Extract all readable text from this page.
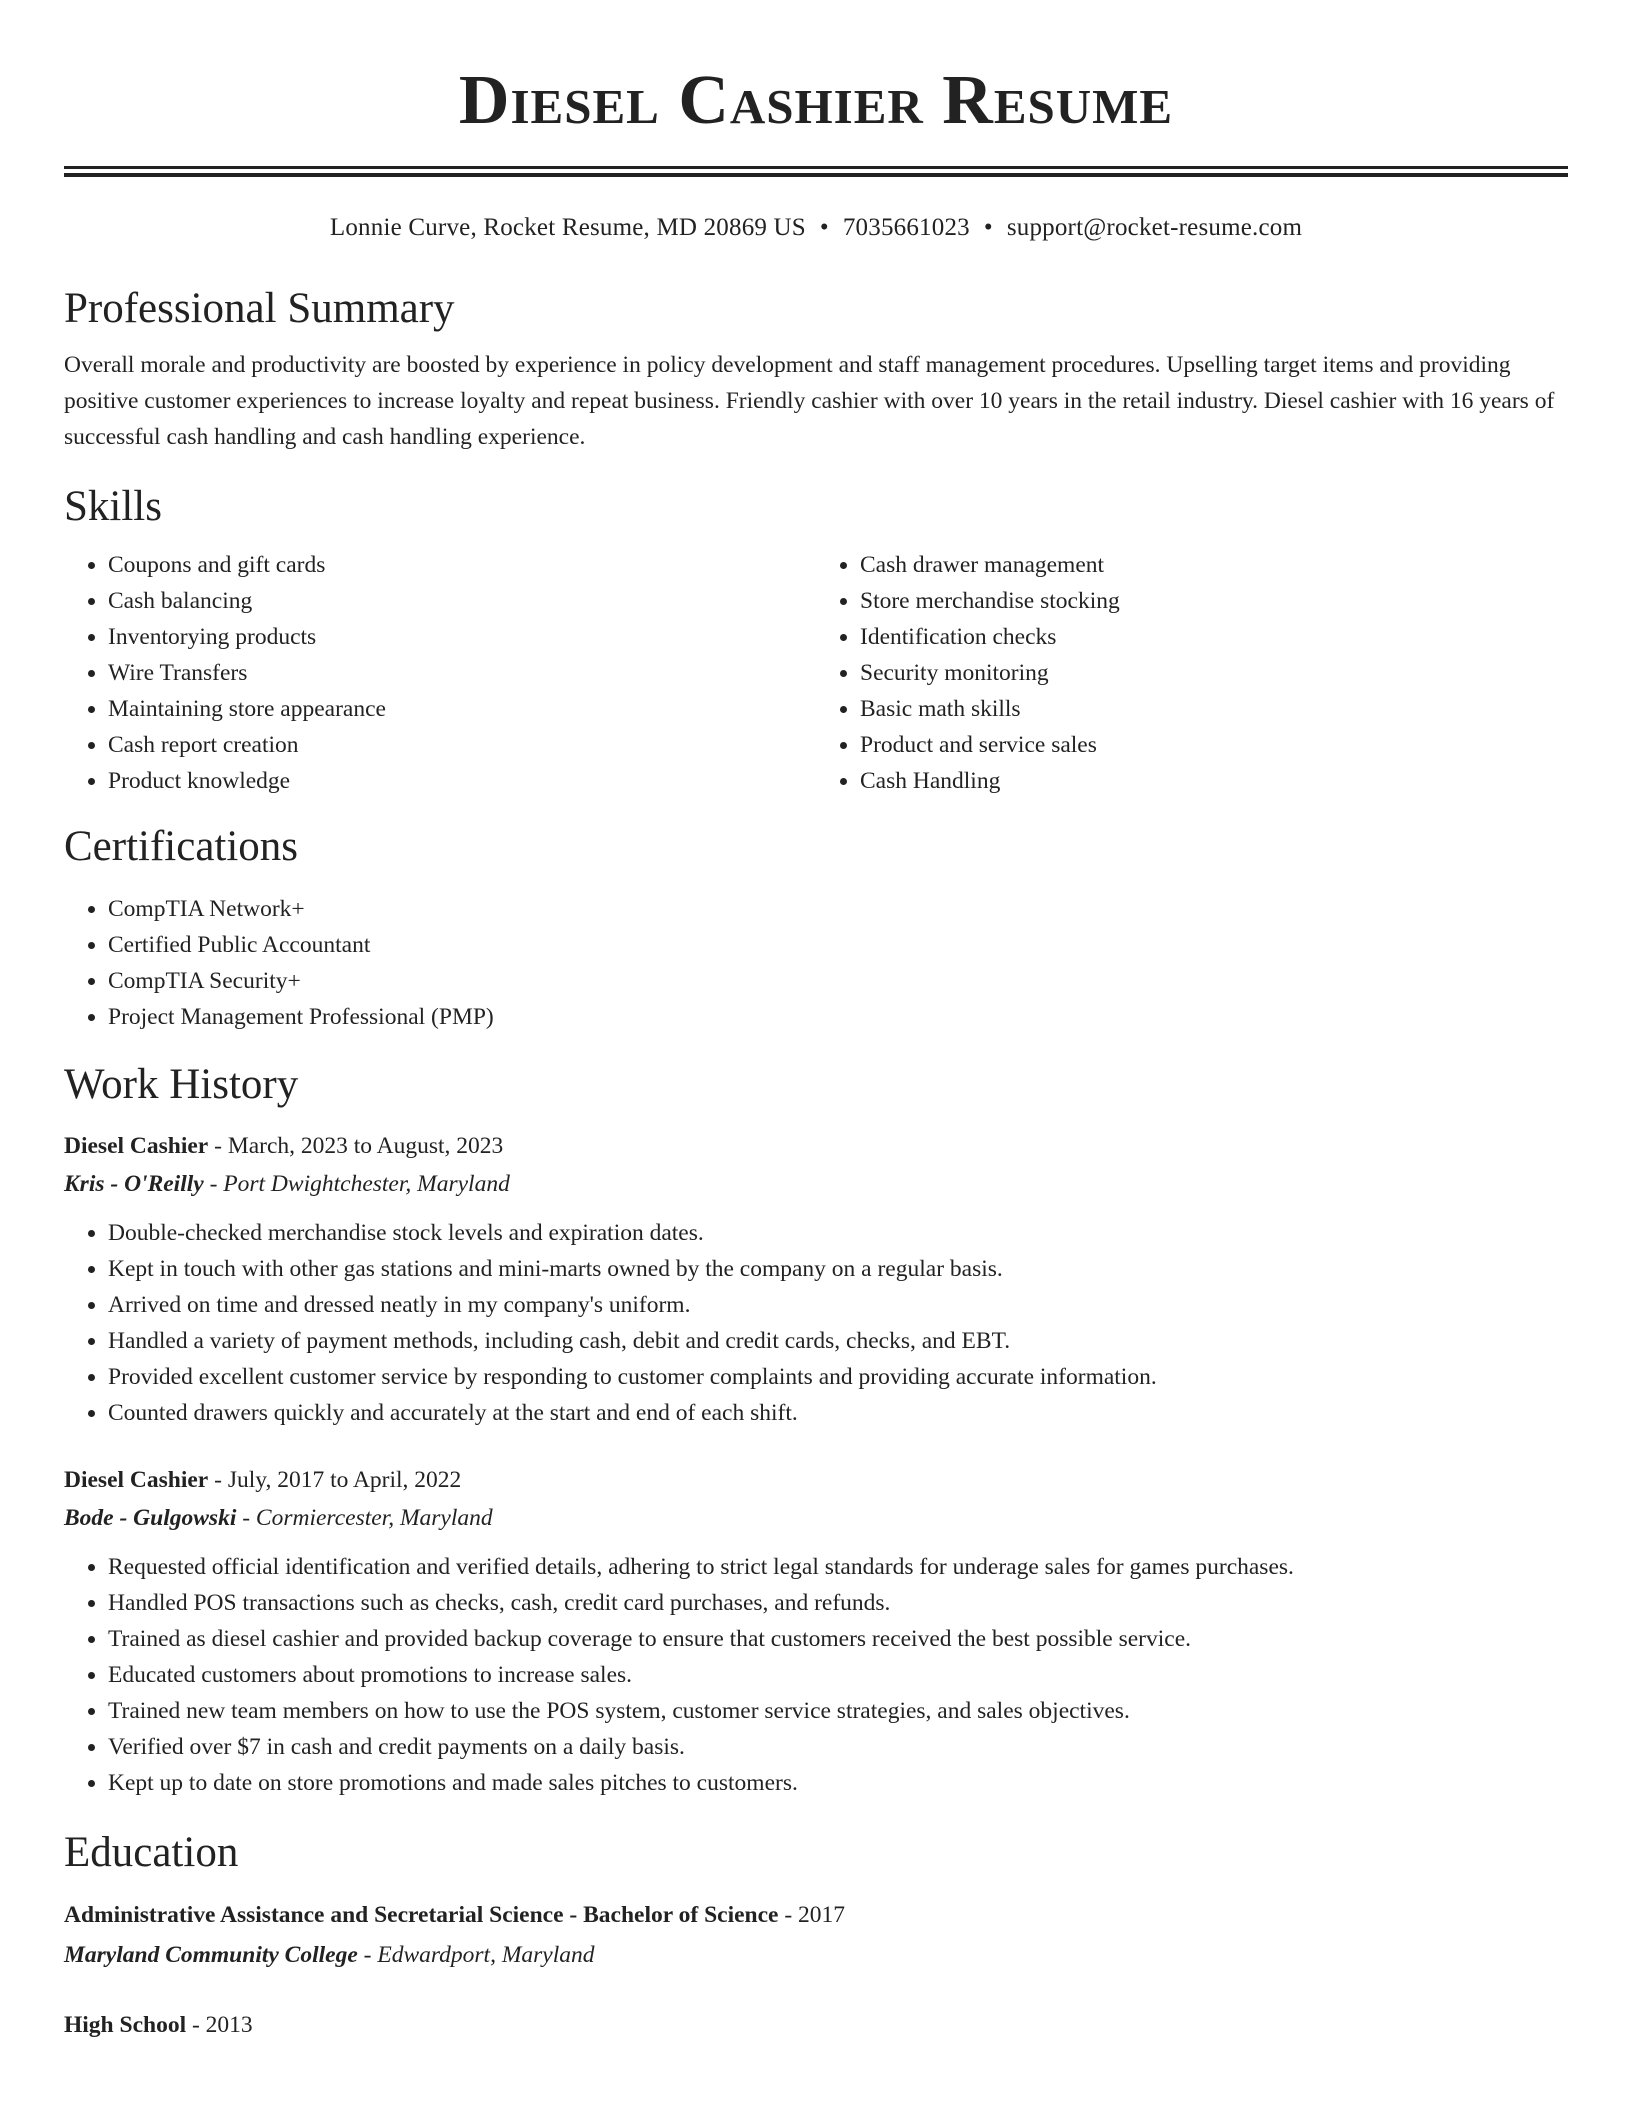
Diesel Cashier Resume
Lonnie Curve, Rocket Resume, MD 20869 US • 7035661023 • support@rocket-resume.com
Professional Summary

Overall morale and productivity are boosted by experience in policy development and staff management procedures. Upselling target items and providing positive customer experiences to increase loyalty and repeat business. Friendly cashier with over 10 years in the retail industry. Diesel cashier with 16 years of successful cash handling and cash handling experience.

Skills
• Coupons and gift cards
• Cash balancing
• Inventorying products
• Wire Transfers
• Maintaining store appearance
• Cash report creation
• Product knowledge
• Cash drawer management
• Store merchandise stocking
• Identification checks
• Security monitoring
• Basic math skills
• Product and service sales
• Cash Handling
Certifications
• CompTIA Network+
• Certified Public Accountant
• CompTIA Security+
• Project Management Professional (PMP)
Work History
Diesel Cashier - March, 2023 to August, 2023
Kris - O'Reilly - Port Dwightchester, Maryland
• Double-checked merchandise stock levels and expiration dates.
• Kept in touch with other gas stations and mini-marts owned by the company on a regular basis.
• Arrived on time and dressed neatly in my company's uniform.
• Handled a variety of payment methods, including cash, debit and credit cards, checks, and EBT.
• Provided excellent customer service by responding to customer complaints and providing accurate information.
• Counted drawers quickly and accurately at the start and end of each shift.
Diesel Cashier - July, 2017 to April, 2022
Bode - Gulgowski - Cormiercester, Maryland
• Requested official identification and verified details, adhering to strict legal standards for underage sales for games purchases.
• Handled POS transactions such as checks, cash, credit card purchases, and refunds.
• Trained as diesel cashier and provided backup coverage to ensure that customers received the best possible service.
• Educated customers about promotions to increase sales.
• Trained new team members on how to use the POS system, customer service strategies, and sales objectives.
• Verified over $7 in cash and credit payments on a daily basis.
• Kept up to date on store promotions and made sales pitches to customers.
Education
Administrative Assistance and Secretarial Science - Bachelor of Science - 2017
Maryland Community College - Edwardport, Maryland
High School - 2013
